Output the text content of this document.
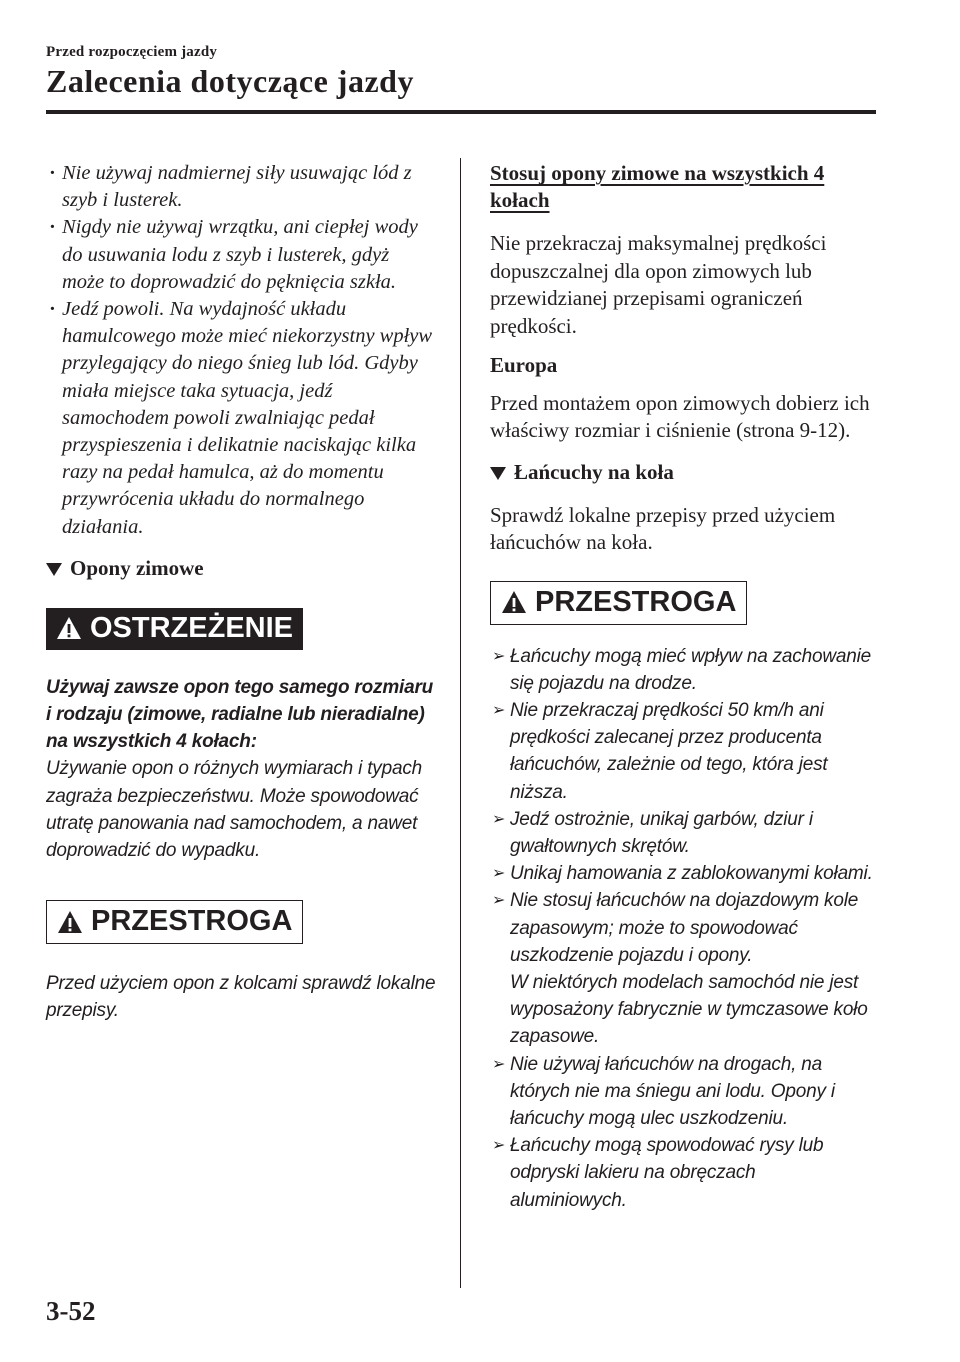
Przed rozpoczęciem jazdy
Zalecenia dotyczące jazdy
· Nie używaj nadmiernej siły usuwając lód z szyb i lusterek.
· Nigdy nie używaj wrzątku, ani ciepłej wody do usuwania lodu z szyb i lusterek, gdyż może to doprowadzić do pęknięcia szkła.
· Jedź powoli. Na wydajność układu hamulcowego może mieć niekorzystny wpływ przylegający do niego śnieg lub lód. Gdyby miała miejsce taka sytuacja, jedź samochodem powoli zwalniając pedał przyspieszenia i delikatnie naciskając kilka razy na pedał hamulca, aż do momentu przywrócenia układu do normalnego działania.
Opony zimowe
OSTRZEŻENIE
Używaj zawsze opon tego samego rozmiaru i rodzaju (zimowe, radialne lub nieradialne) na wszystkich 4 kołach:
Używanie opon o różnych wymiarach i typach zagraża bezpieczeństwu. Może spowodować utratę panowania nad samochodem, a nawet doprowadzić do wypadku.
PRZESTROGA
Przed użyciem opon z kolcami sprawdź lokalne przepisy.
Stosuj opony zimowe na wszystkich 4
kołach
Nie przekraczaj maksymalnej prędkości dopuszczalnej dla opon zimowych lub przewidzianej przepisami ograniczeń prędkości.
Europa
Przed montażem opon zimowych dobierz ich właściwy rozmiar i ciśnienie (strona 9-12).
Łańcuchy na koła
Sprawdź lokalne przepisy przed użyciem łańcuchów na koła.
PRZESTROGA
➢ Łańcuchy mogą mieć wpływ na zachowanie się pojazdu na drodze.
➢ Nie przekraczaj prędkości 50 km/h ani prędkości zalecanej przez producenta łańcuchów, zależnie od tego, która jest niższa.
➢ Jedź ostrożnie, unikaj garbów, dziur i gwałtownych skrętów.
➢ Unikaj hamowania z zablokowanymi kołami.
➢ Nie stosuj łańcuchów na dojazdowym kole zapasowym; może to spowodować uszkodzenie pojazdu i opony.
W niektórych modelach samochód nie jest wyposażony fabrycznie w tymczasowe koło zapasowe.
➢ Nie używaj łańcuchów na drogach, na których nie ma śniegu ani lodu. Opony i łańcuchy mogą ulec uszkodzeniu.
➢ Łańcuchy mogą spowodować rysy lub odpryski lakieru na obręczach aluminiowych.
3-52
